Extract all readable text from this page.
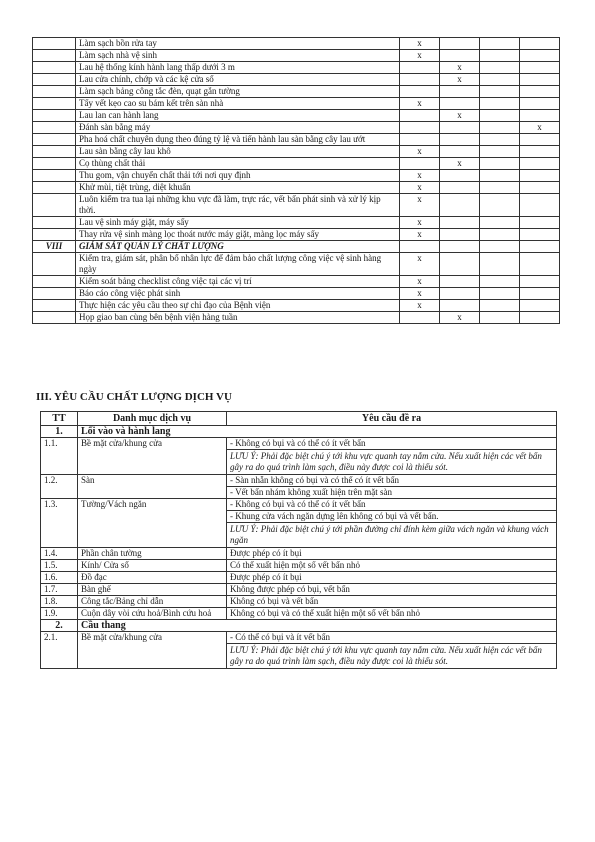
	Làm sạch bồn rửa tay	x			
	Làm sạch nhà vệ sinh	x			
	Lau hệ thống kính hành lang thấp dưới 3 m		x		
	Lau cửa chính, chớp và các kệ cửa sổ		x		
	Làm sạch bảng công tắc đèn, quạt gắn tường				
	Tẩy vết kẹo cao su bám kết trên sàn nhà	x			
	Lau lan can hành lang		x		
	Đánh sàn bằng máy				x
	Pha hoá chất chuyên dụng theo đúng tỷ lệ và tiến hành lau sàn bằng cây lau ướt				
	Lau sàn bằng cây lau khô	x			
	Cọ thùng chất thải		x		
	Thu gom, vận chuyển chất thải tới nơi quy định	x			
	Khử mùi, tiệt trùng, diệt khuẩn	x			
	Luôn kiểm tra tua lại những khu vực đã làm, trực rác, vết bẩn phát sinh và xử lý kịp thời.	x			
	Lau vệ sinh máy giặt, máy sấy	x			
	Thay rửa vệ sinh màng lọc thoát nước máy giặt, màng lọc máy sấy	x			
VIII	GIÁM SÁT QUẢN LÝ CHẤT LƯỢNG				
	Kiểm tra, giám sát, phân bổ nhân lực để đảm bảo chất lượng công việc vệ sinh hàng ngày	x			
	Kiểm soát bảng checklist công việc tại các vị trí	x			
	Báo cáo công việc phát sinh	x			
	Thực hiện các yêu cầu theo sự chỉ đạo của Bệnh viện	x			
	Họp giao ban cùng bên bệnh viện hàng tuần		x		
III. YÊU CẦU CHẤT LƯỢNG DỊCH VỤ
TT	Danh mục dịch vụ	Yêu cầu đề ra
1.	Lối vào và hành lang	
1.1.	Bề mặt cửa/khung cửa	- Không có bụi và có thể có ít vết bẩn
LƯU Ý: Phải đặc biệt chú ý tới khu vực quanh tay nắm cửa. Nếu xuất hiện các vết bẩn gây ra do quá trình làm sạch, điều này được coi là thiếu sót.

1.2.	Sàn	- Sàn nhẵn không có bụi và có thể có ít vết bẩn
- Vết bẩn nhám không xuất hiện trên mặt sàn

1.3.	Tường/Vách ngăn	- Không có bụi và có thể có ít vết bẩn
- Khung cửa vách ngăn dựng lên không có bụi và vết bẩn.
LƯU Ý: Phải đặc biệt chú ý tới phần đường chỉ đính kèm giữa vách ngăn và khung vách ngăn

1.4.	Phần chân tường	Được phép có ít bụi

1.5.	Kính/ Cửa sổ	Có thể xuất hiện một số vết bẩn nhỏ

1.6.	Đồ đạc	Được phép có ít bụi

1.7.	Bàn ghế	Không được phép có bụi, vết bẩn

1.8.	Công tắc/Bảng chỉ dẫn	Không có bụi và vết bẩn

1.9.	Cuộn dây vòi cứu hoả/Bình cứu hoả	Không có bụi và có thể xuất hiện một số vết bẩn nhỏ

2.	Cầu thang	
2.1.	Bề mặt cửa/khung cửa	- Có thể có bụi và ít vết bẩn
LƯU Ý: Phải đặc biệt chú ý tới khu vực quanh tay nắm cửa. Nếu xuất hiện các vết bẩn gây ra do quá trình làm sạch, điều này được coi là thiếu sót.
